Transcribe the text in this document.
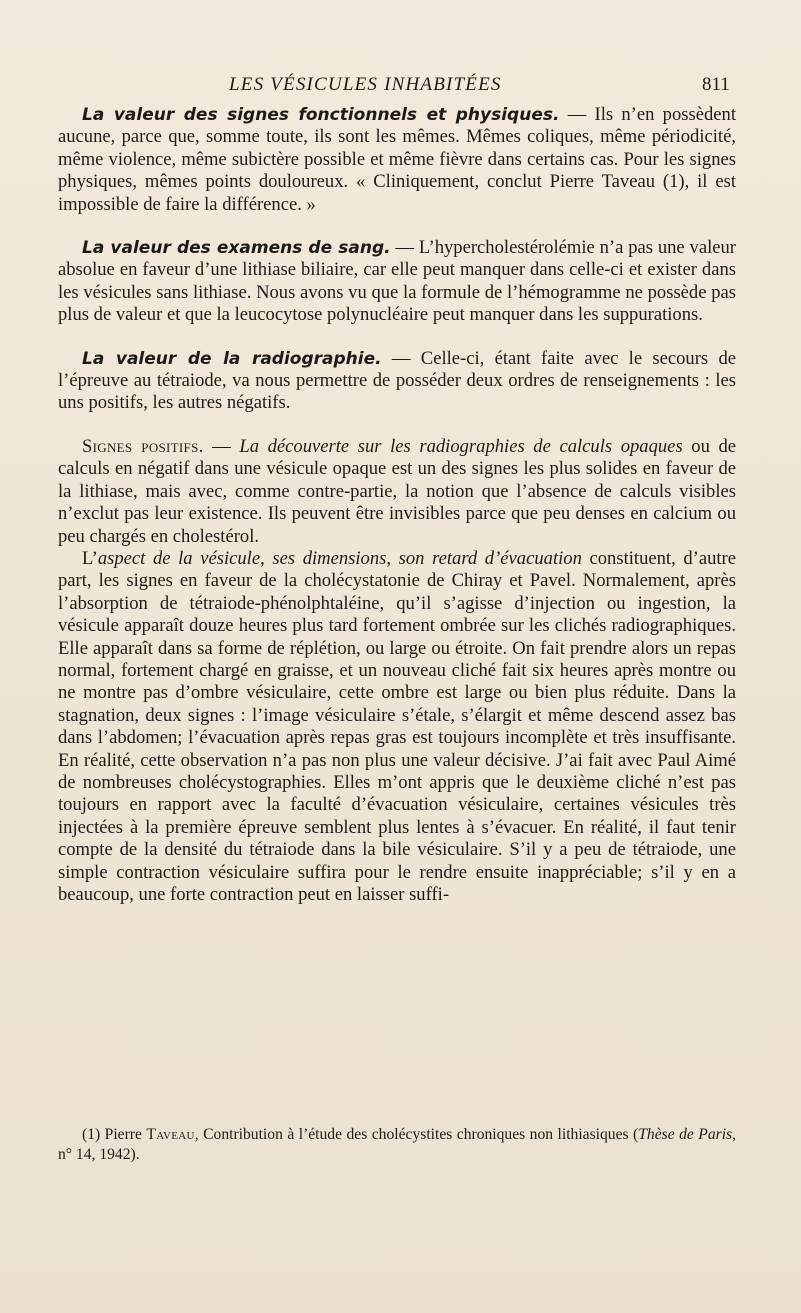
LES VÉSICULES INHABITÉES	811

La valeur des signes fonctionnels et physiques. — Ils n’en possèdent aucune, parce que, somme toute, ils sont les mêmes. Mêmes coliques, même périodicité, même violence, même subictère possible et même fièvre dans certains cas. Pour les signes physiques, mêmes points douloureux. « Cliniquement, conclut Pierre Taveau (1), il est impossible de faire la différence. »

La valeur des examens de sang. — L’hypercholestérolémie n’a pas une valeur absolue en faveur d’une lithiase biliaire, car elle peut manquer dans celle-ci et exister dans les vésicules sans lithiase. Nous avons vu que la formule de l’hémogramme ne possède pas plus de valeur et que la leucocytose polynucléaire peut manquer dans les suppurations.

La valeur de la radiographie. — Celle-ci, étant faite avec le secours de l’épreuve au tétraiode, va nous permettre de posséder deux ordres de renseignements : les uns positifs, les autres négatifs.

Signes positifs. — La découverte sur les radiographies de calculs opaques ou de calculs en négatif dans une vésicule opaque est un des signes les plus solides en faveur de la lithiase, mais avec, comme contre-partie, la notion que l’absence de calculs visibles n’exclut pas leur existence. Ils peuvent être invisibles parce que peu denses en calcium ou peu chargés en cholestérol.

L’aspect de la vésicule, ses dimensions, son retard d’évacuation constituent, d’autre part, les signes en faveur de la cholécystatonie de Chiray et Pavel. Normalement, après l’absorption de tétraiode-phénolphtaléine, qu’il s’agisse d’injection ou ingestion, la vésicule apparaît douze heures plus tard fortement ombrée sur les clichés radiographiques. Elle apparaît dans sa forme de réplétion, ou large ou étroite. On fait prendre alors un repas normal, fortement chargé en graisse, et un nouveau cliché fait six heures après montre ou ne montre pas d’ombre vésiculaire, cette ombre est large ou bien plus réduite. Dans la stagnation, deux signes : l’image vésiculaire s’étale, s’élargit et même descend assez bas dans l’abdomen; l’évacuation après repas gras est toujours incomplète et très insuffisante. En réalité, cette observation n’a pas non plus une valeur décisive. J’ai fait avec Paul Aimé de nombreuses cholécystographies. Elles m’ont appris que le deuxième cliché n’est pas toujours en rapport avec la faculté d’évacuation vésiculaire, certaines vésicules très injectées à la première épreuve semblent plus lentes à s’évacuer. En réalité, il faut tenir compte de la densité du tétraiode dans la bile vésiculaire. S’il y a peu de tétraiode, une simple contraction vésiculaire suffira pour le rendre ensuite inappréciable; s’il y en a beaucoup, une forte contraction peut en laisser suffi-

(1) Pierre Taveau, Contribution à l’étude des cholécystites chroniques non lithiasiques (Thèse de Paris, n° 14, 1942).
